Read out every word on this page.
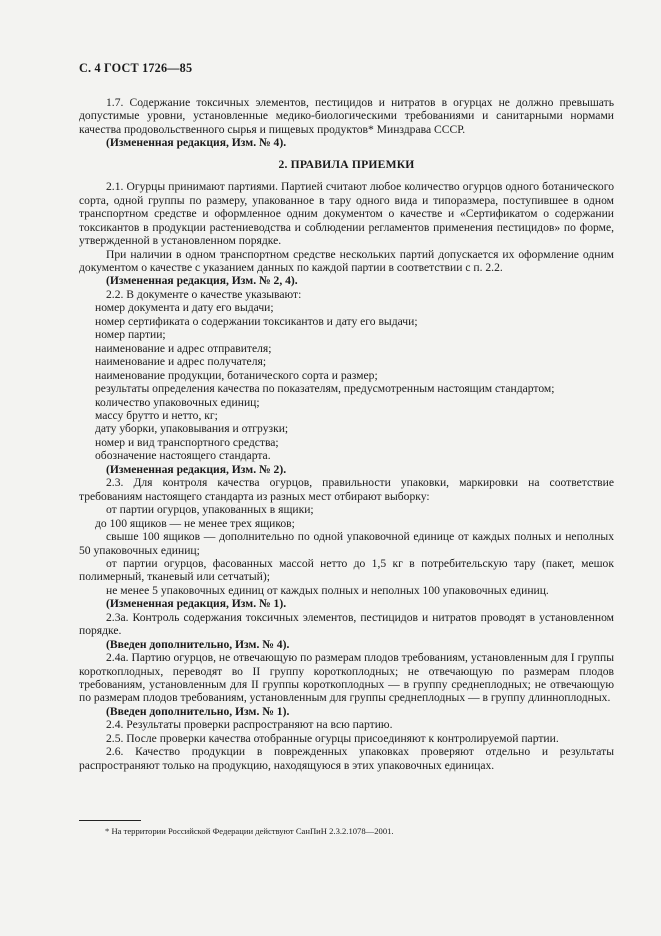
С. 4 ГОСТ 1726—85

1.7. Содержание токсичных элементов, пестицидов и нитратов в огурцах не должно превышать допустимые уровни, установленные медико-биологическими требованиями и санитарными нормами качества продовольственного сырья и пищевых продуктов* Минздрава СССР.

(Измененная редакция, Изм. № 4).

2. ПРАВИЛА ПРИЕМКИ

2.1. Огурцы принимают партиями. Партией считают любое количество огурцов одного ботанического сорта, одной группы по размеру, упакованное в тару одного вида и типоразмера, поступившее в одном транспортном средстве и оформленное одним документом о качестве и «Сертификатом о содержании токсикантов в продукции растениеводства и соблюдении регламентов применения пестицидов» по форме, утвержденной в установленном порядке.

При наличии в одном транспортном средстве нескольких партий допускается их оформление одним документом о качестве с указанием данных по каждой партии в соответствии с п. 2.2.

(Измененная редакция, Изм. № 2, 4).

2.2. В документе о качестве указывают:

номер документа и дату его выдачи;

номер сертификата о содержании токсикантов и дату его выдачи;

номер партии;

наименование и адрес отправителя;

наименование и адрес получателя;

наименование продукции, ботанического сорта и размер;

результаты определения качества по показателям, предусмотренным настоящим стандартом;

количество упаковочных единиц;

массу брутто и нетто, кг;

дату уборки, упаковывания и отгрузки;

номер и вид транспортного средства;

обозначение настоящего стандарта.

(Измененная редакция, Изм. № 2).

2.3. Для контроля качества огурцов, правильности упаковки, маркировки на соответствие требованиям настоящего стандарта из разных мест отбирают выборку:

от партии огурцов, упакованных в ящики;

до 100 ящиков — не менее трех ящиков;

свыше 100 ящиков — дополнительно по одной упаковочной единице от каждых полных и неполных 50 упаковочных единиц;

от партии огурцов, фасованных массой нетто до 1,5 кг в потребительскую тару (пакет, мешок полимерный, тканевый или сетчатый);

не менее 5 упаковочных единиц от каждых полных и неполных 100 упаковочных единиц.

(Измененная редакция, Изм. № 1).

2.3а. Контроль содержания токсичных элементов, пестицидов и нитратов проводят в установленном порядке.

(Введен дополнительно, Изм. № 4).

2.4а. Партию огурцов, не отвечающую по размерам плодов требованиям, установленным для I группы короткоплодных, переводят во II группу короткоплодных; не отвечающую по размерам плодов требованиям, установленным для II группы короткоплодных — в группу среднеплодных; не отвечающую по размерам плодов требованиям, установленным для группы среднеплодных — в группу длинноплодных.

(Введен дополнительно, Изм. № 1).

2.4. Результаты проверки распространяют на всю партию.

2.5. После проверки качества отобранные огурцы присоединяют к контролируемой партии.

2.6. Качество продукции в поврежденных упаковках проверяют отдельно и результаты распространяют только на продукцию, находящуюся в этих упаковочных единицах.

* На территории Российской Федерации действуют СанПиН 2.3.2.1078—2001.
